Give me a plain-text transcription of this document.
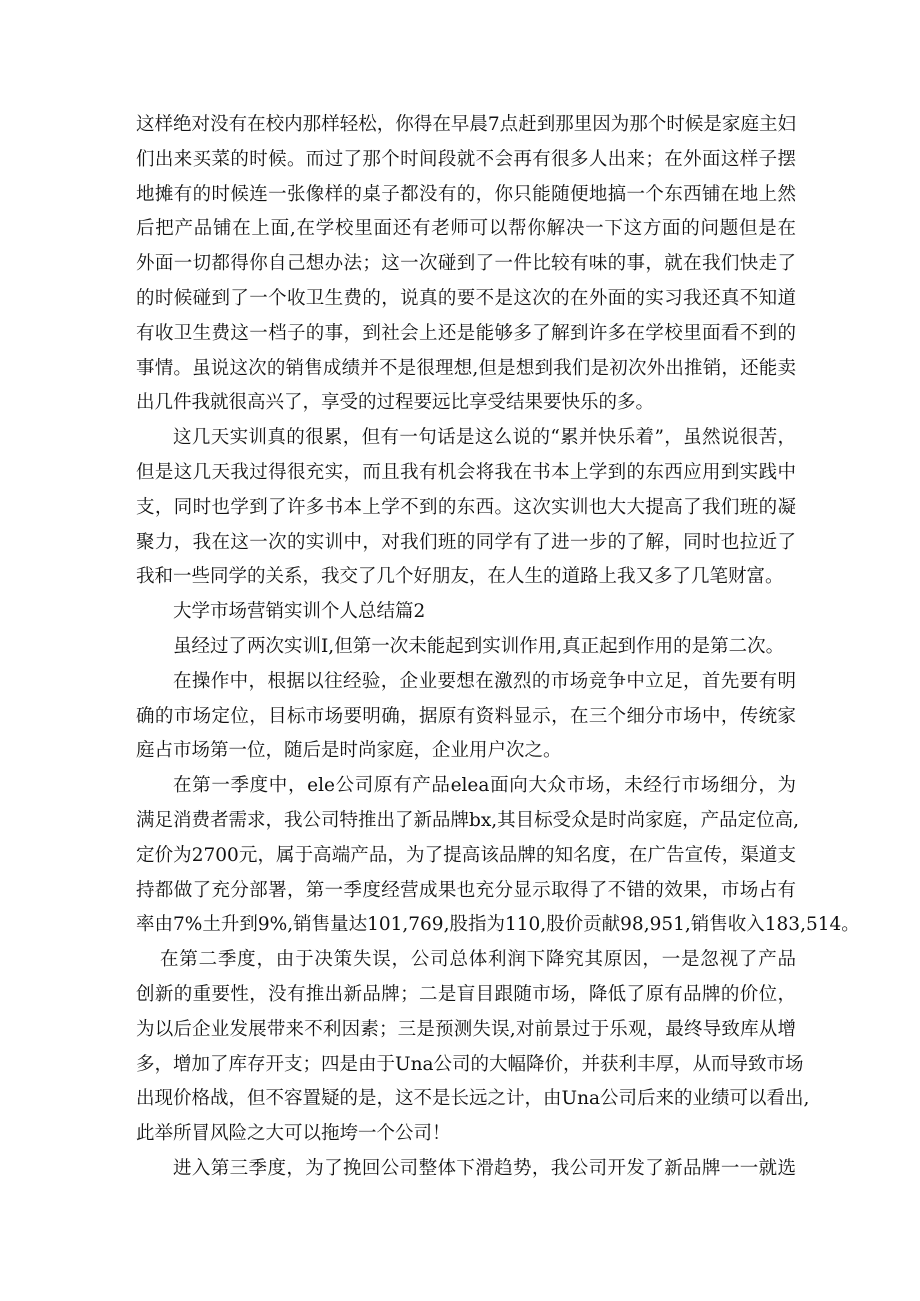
这样绝对没有在校内那样轻松，你得在早晨7点赶到那里因为那个时候是家庭主妇
们出来买菜的时候。而过了那个时间段就不会再有很多人出来；在外面这样子摆
地摊有的时候连一张像样的桌子都没有的，你只能随便地搞一个东西铺在地上然
后把产品铺在上面,在学校里面还有老师可以帮你解决一下这方面的问题但是在
外面一切都得你自己想办法；这一次碰到了一件比较有味的事，就在我们快走了
的时候碰到了一个收卫生费的，说真的要不是这次的在外面的实习我还真不知道
有收卫生费这一档子的事，到社会上还是能够多了解到许多在学校里面看不到的
事情。虽说这次的销售成绩并不是很理想,但是想到我们是初次外出推销，还能卖
出几件我就很高兴了，享受的过程要远比享受结果要快乐的多。
这几天实训真的很累，但有一句话是这么说的“累并快乐着”，虽然说很苦，
但是这几天我过得很充实，而且我有机会将我在书本上学到的东西应用到实践中
支，同时也学到了许多书本上学不到的东西。这次实训也大大提高了我们班的凝
聚力，我在这一次的实训中，对我们班的同学有了进一步的了解，同时也拉近了
我和一些同学的关系，我交了几个好朋友，在人生的道路上我又多了几笔财富。
大学市场营销实训个人总结篇2
虽经过了两次实训I,但第一次未能起到实训作用,真正起到作用的是第二次。
在操作中，根据以往经验，企业要想在激烈的市场竞争中立足，首先要有明
确的市场定位，目标市场要明确，据原有资料显示，在三个细分市场中，传统家
庭占市场第一位，随后是时尚家庭，企业用户次之。
在第一季度中，ele公司原有产品elea面向大众市场，未经行市场细分，为
满足消费者需求，我公司特推出了新品牌bx,其目标受众是时尚家庭，产品定位高,
定价为2700元，属于高端产品，为了提高该品牌的知名度，在广告宣传，渠道支
持都做了充分部署，第一季度经营成果也充分显示取得了不错的效果，市场占有
率由7%土升到9%,销售量达101,769,股指为110,股价贡献98,951,销售收入183,514。
在第二季度，由于决策失误，公司总体利润下降究其原因，一是忽视了产品
创新的重要性，没有推出新品牌；二是盲目跟随市场，降低了原有品牌的价位，
为以后企业发展带来不利因素；三是预测失误,对前景过于乐观，最终导致库从增
多，增加了库存开支；四是由于Una公司的大幅降价，并获利丰厚，从而导致市场
出现价格战，但不容置疑的是，这不是长远之计，由Una公司后来的业绩可以看出,
此举所冒风险之大可以拖垮一个公司！
进入第三季度，为了挽回公司整体下滑趋势，我公司开发了新品牌一一就选
